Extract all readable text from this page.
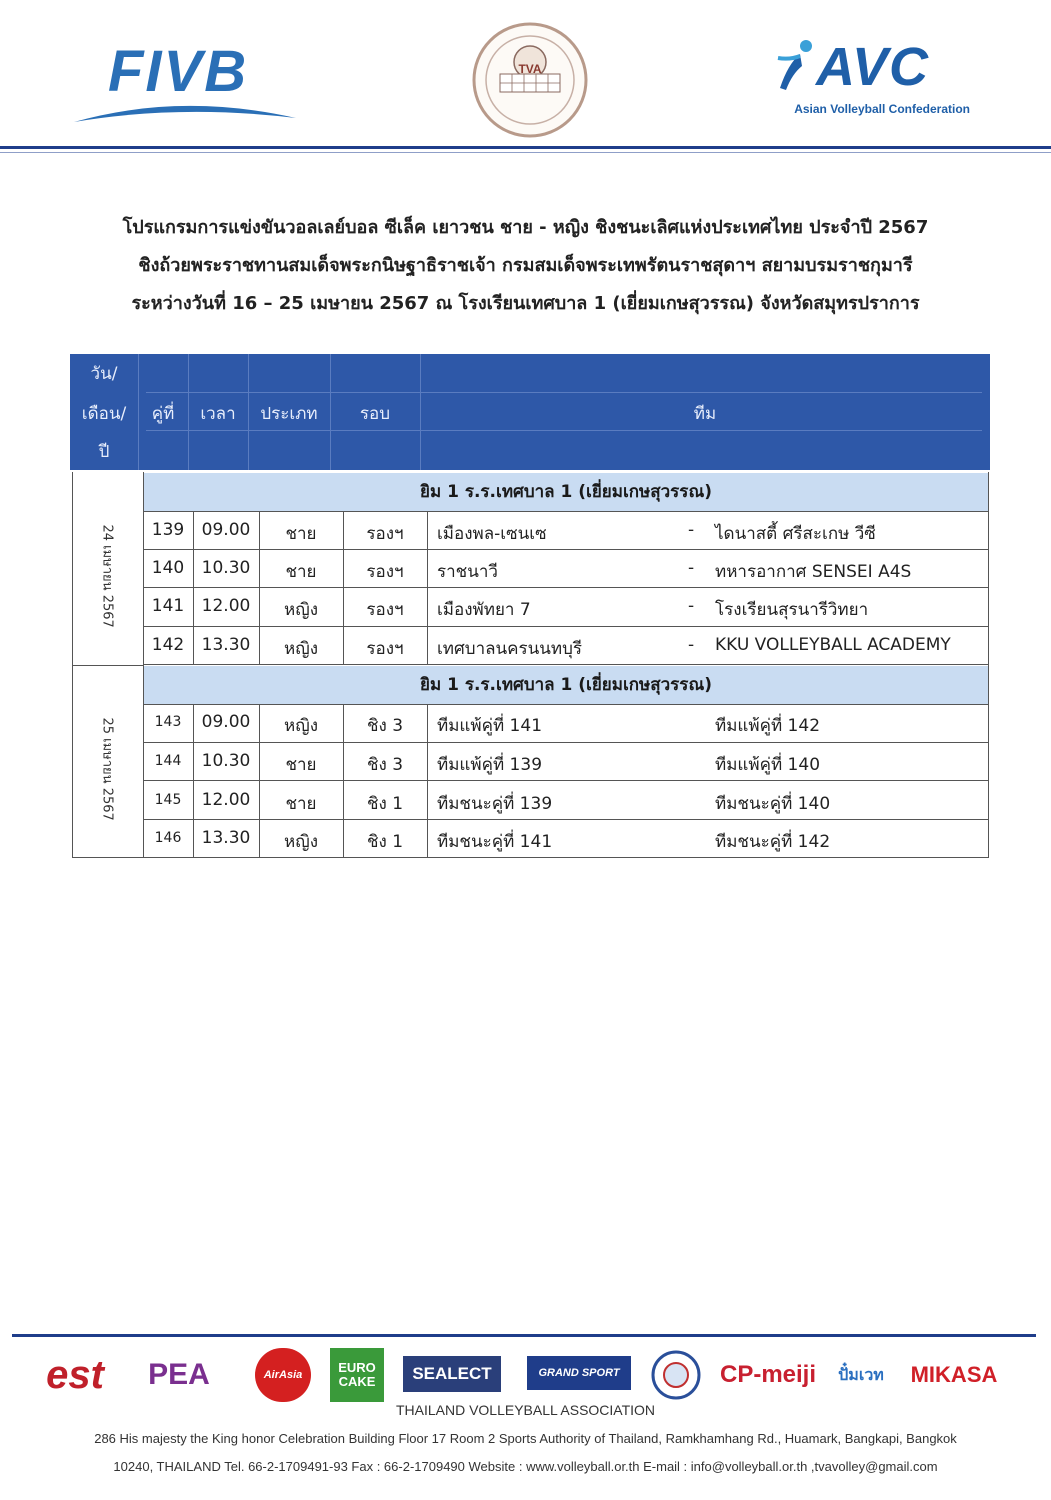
FIVB	TVA	AVC
Asian Volleyball Confederation
โปรแกรมการแข่งขันวอลเลย์บอล ซีเล็ค เยาวชน ชาย - หญิง ชิงชนะเลิศแห่งประเทศไทย ประจำปี 2567
ชิงถ้วยพระราชทานสมเด็จพระกนิษฐาธิราชเจ้า กรมสมเด็จพระเทพรัตนราชสุดาฯ สยามบรมราชกุมารี
ระหว่างวันที่ 16 – 25 เมษายน 2567 ณ โรงเรียนเทศบาล 1 (เยี่ยมเกษสุวรรณ) จังหวัดสมุทรปราการ
วัน/
เดือน/
ปี
คู่ที่	เวลา	ประเภท	รอบ	ทีม
24 เมษายน 2567
ยิม 1 ร.ร.เทศบาล 1 (เยี่ยมเกษสุวรรณ)
139	09.00	ชาย	รองฯ	เมืองพล-เซนเซ	- ไดนาสตี้ ศรีสะเกษ วีซี
140	10.30	ชาย	รองฯ	ราชนาวี	- ทหารอากาศ SENSEI A4S
141	12.00	หญิง	รองฯ	เมืองพัทยา 7	- โรงเรียนสุรนารีวิทยา
142	13.30	หญิง	รองฯ	เทศบาลนครนนทบุรี	- KKU VOLLEYBALL ACADEMY
25 เมษายน 2567
ยิม 1 ร.ร.เทศบาล 1 (เยี่ยมเกษสุวรรณ)
143	09.00	หญิง	ชิง 3	ทีมแพ้คู่ที่ 141	ทีมแพ้คู่ที่ 142
144	10.30	ชาย	ชิง 3	ทีมแพ้คู่ที่ 139	ทีมแพ้คู่ที่ 140
145	12.00	ชาย	ชิง 1	ทีมชนะคู่ที่ 139	ทีมชนะคู่ที่ 140
146	13.30	หญิง	ชิง 1	ทีมชนะคู่ที่ 141	ทีมชนะคู่ที่ 142
est	PEA	AirAsia	EURO CAKE	SEALECT	GRAND SPORT	CP-meiji	ปั๋มเวท MIKASA
THAILAND VOLLEYBALL ASSOCIATION
286 His majesty the King honor Celebration Building Floor 17 Room 2 Sports Authority of Thailand, Ramkhamhang Rd., Huamark, Bangkapi, Bangkok
10240, THAILAND Tel. 66-2-1709491-93 Fax : 66-2-1709490 Website : www.volleyball.or.th E-mail : info@volleyball.or.th ,tvavolley@gmail.com
